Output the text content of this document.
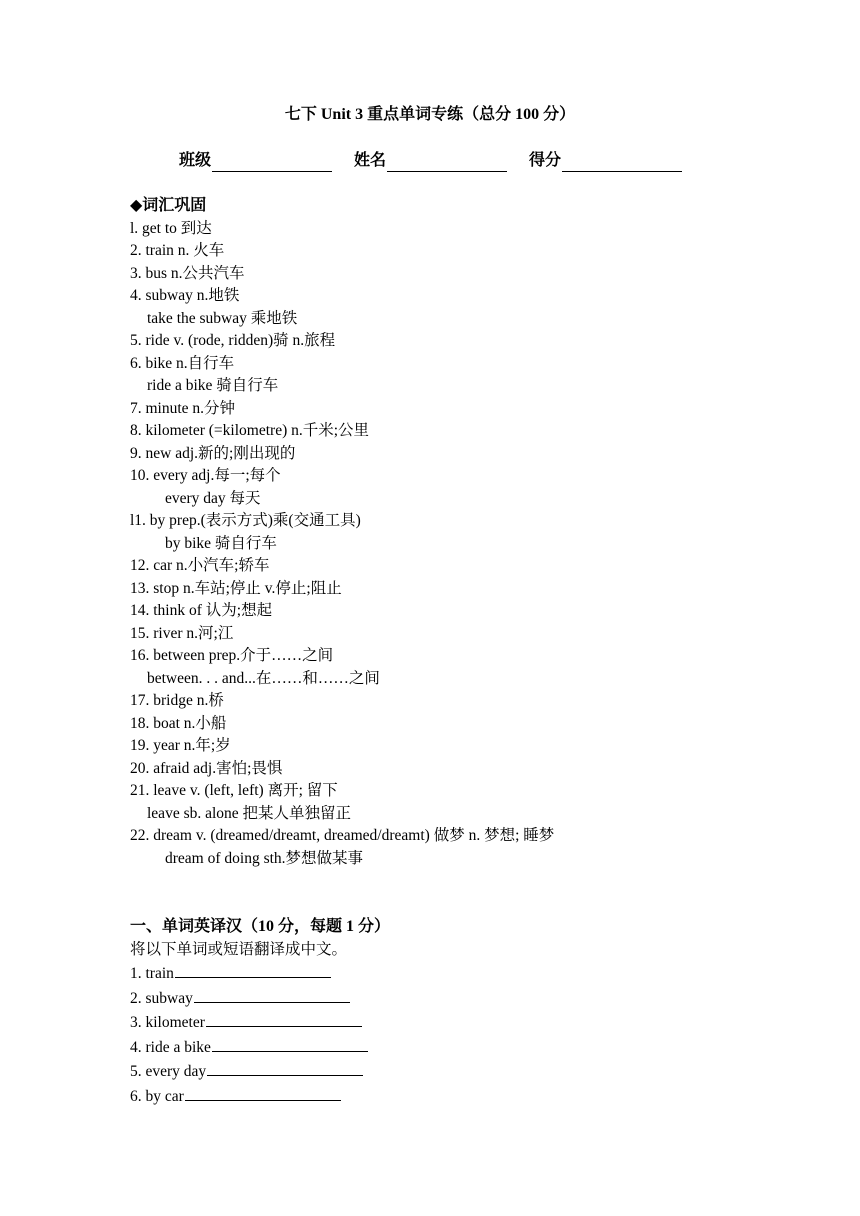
七下 Unit 3 重点单词专练（总分 100 分）
班级	姓名	得分
◆词汇巩固
l. get to 到达
2. train n. 火车
3. bus n.公共汽车
4. subway n.地铁
take the subway 乘地铁
5. ride v. (rode, ridden)骑 n.旅程
6. bike n.自行车
ride a bike 骑自行车
7. minute n.分钟
8. kilometer (=kilometre) n.千米;公里
9. new adj.新的;刚出现的
10. every adj.每一;每个
every day 每天
l1. by prep.(表示方式)乘(交通工具)
by bike 骑自行车
12. car n.小汽车;轿车
13. stop n.车站;停止 v.停止;阻止
14. think of 认为;想起
15. river n.河;江
16. between prep.介于……之间
between. . . and...在……和……之间
17. bridge n.桥
18. boat n.小船
19. year n.年;岁
20. afraid adj.害怕;畏惧
21. leave v. (left, left) 离开; 留下
leave sb. alone 把某人单独留正
22. dream v. (dreamed/dreamt, dreamed/dreamt) 做梦 n. 梦想; 睡梦
dream of doing sth.梦想做某事
一、单词英译汉（10 分，每题 1 分）
将以下单词或短语翻译成中文。
1. train
2. subway
3. kilometer
4. ride a bike
5. every day
6. by car
